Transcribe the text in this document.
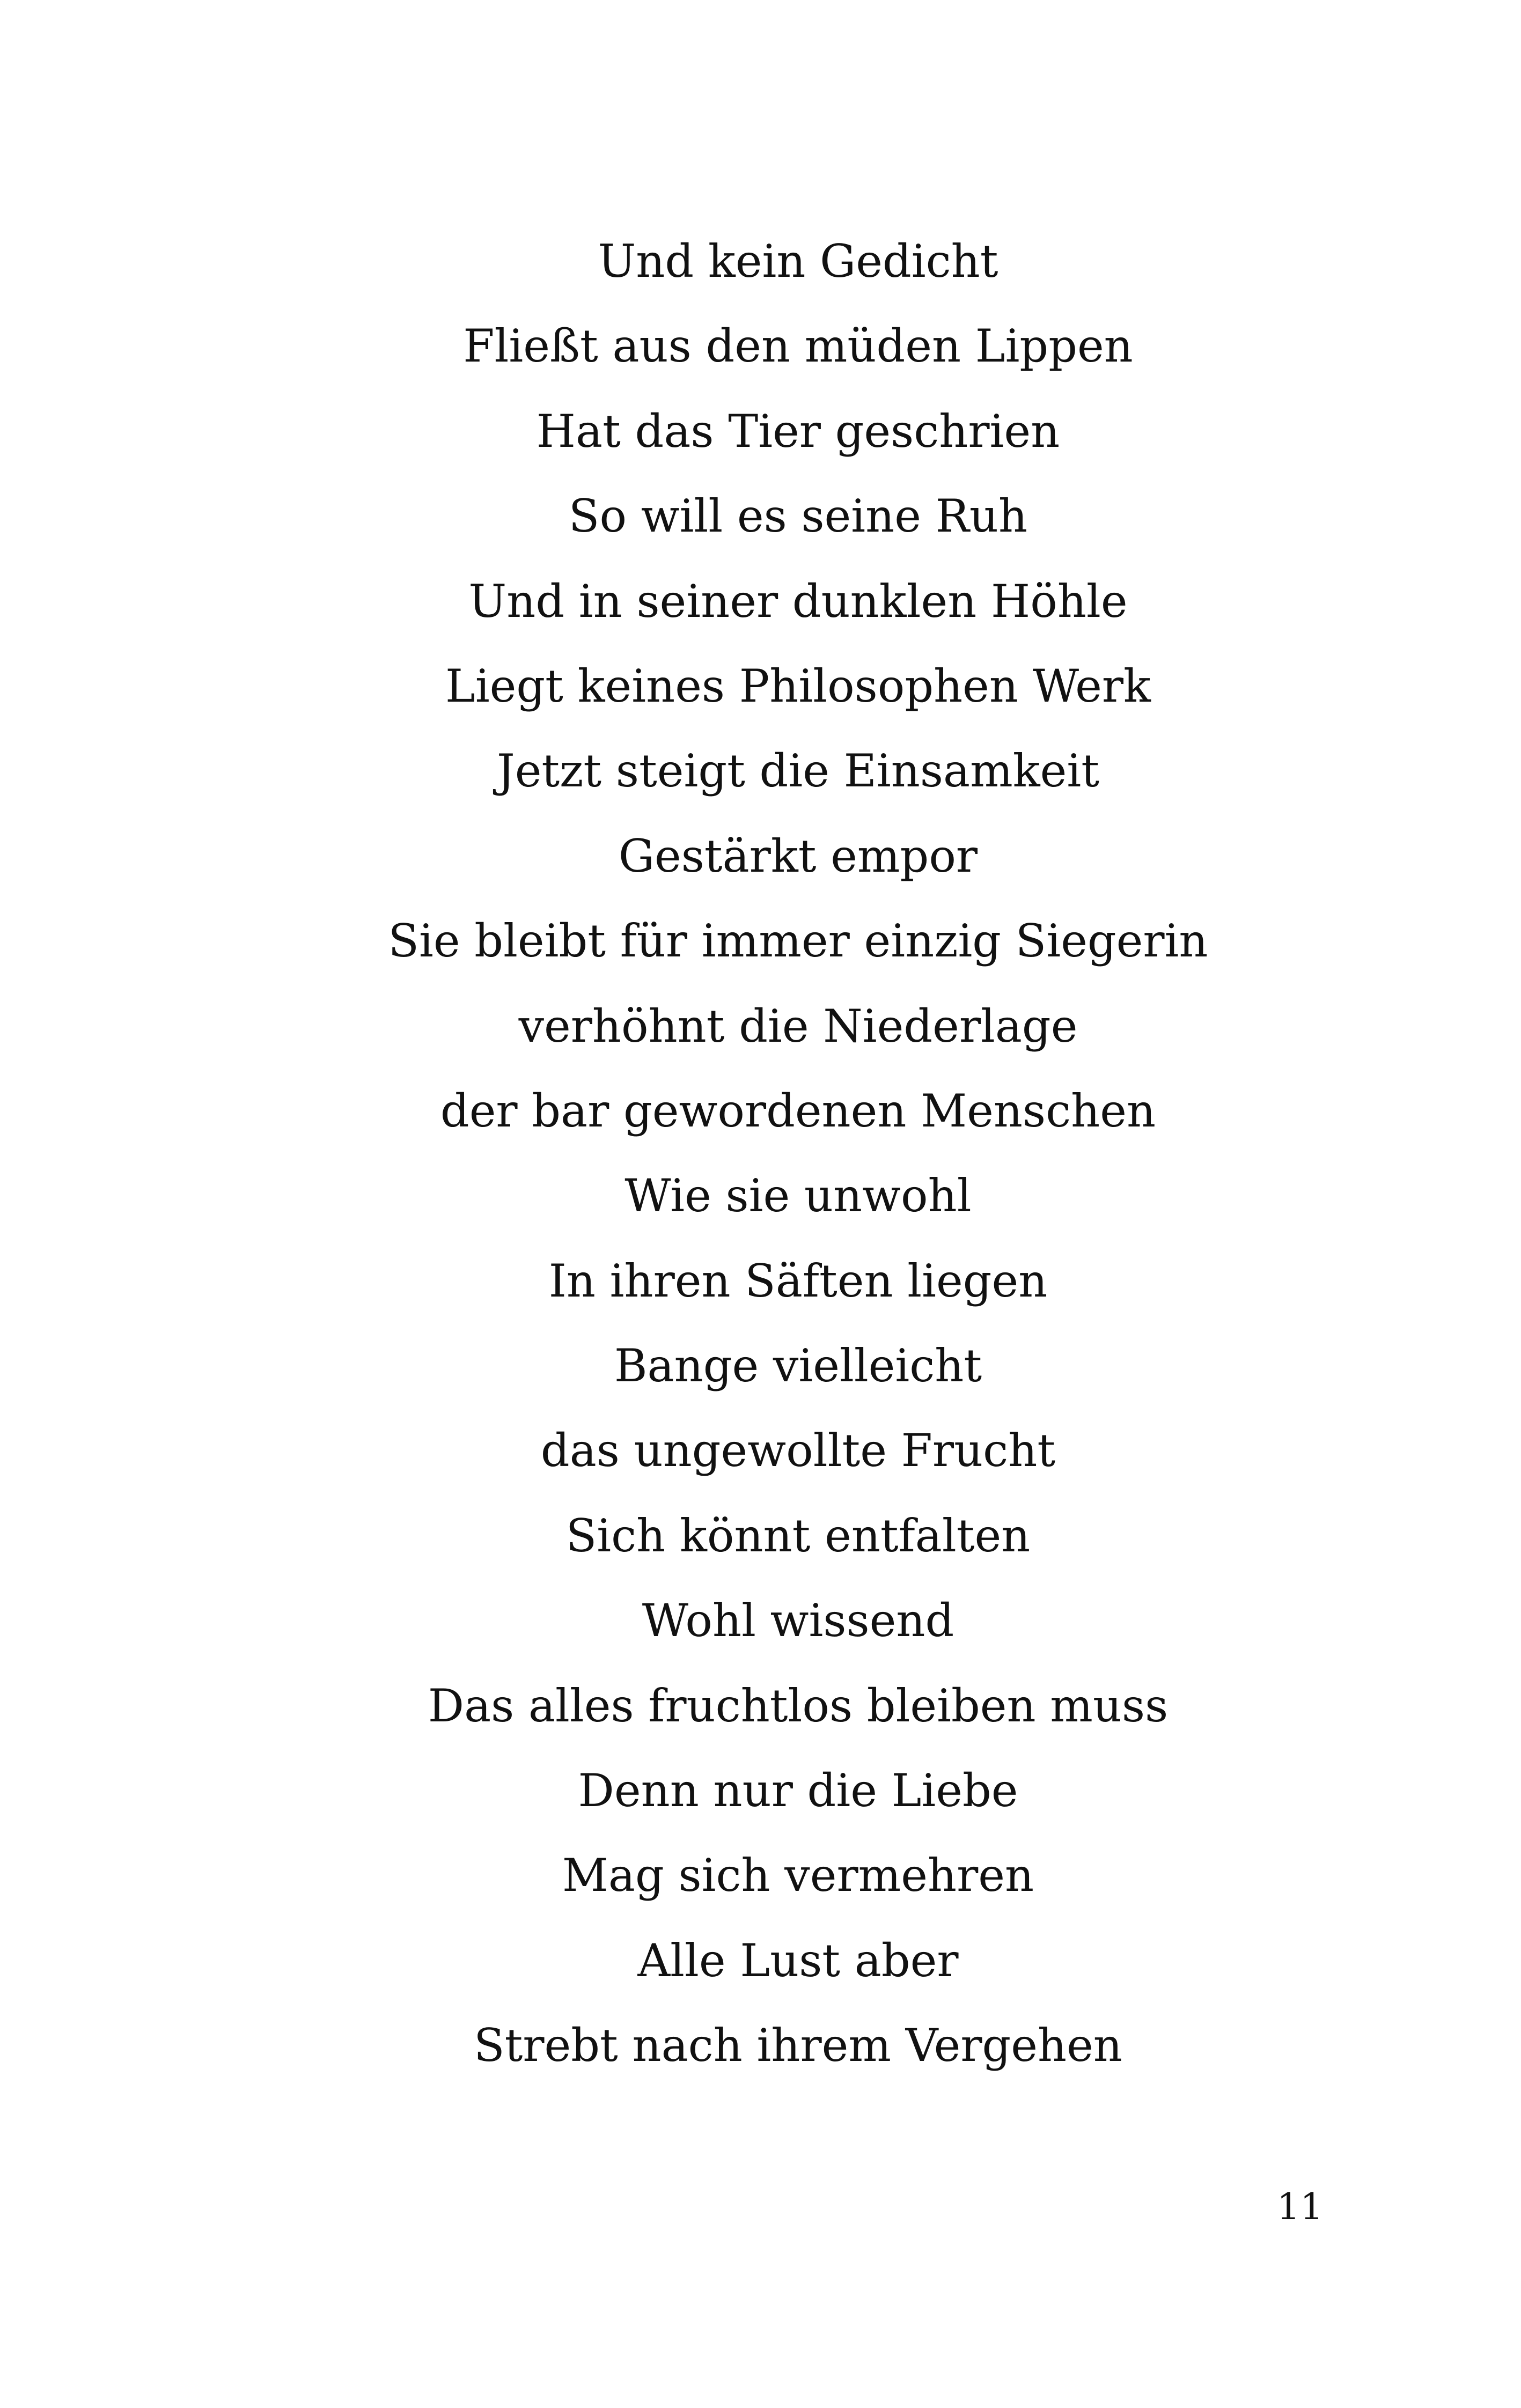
Und kein Gedicht
Fließt aus den müden Lippen
Hat das Tier geschrien
So will es seine Ruh
Und in seiner dunklen Höhle
Liegt keines Philosophen Werk
Jetzt steigt die Einsamkeit
Gestärkt empor
Sie bleibt für immer einzig Siegerin
verhöhnt die Niederlage
der bar gewordenen Menschen
Wie sie unwohl
In ihren Säften liegen
Bange vielleicht
das ungewollte Frucht
Sich könnt entfalten
Wohl wissend
Das alles fruchtlos bleiben muss
Denn nur die Liebe
Mag sich vermehren
Alle Lust aber
Strebt nach ihrem Vergehen
11
